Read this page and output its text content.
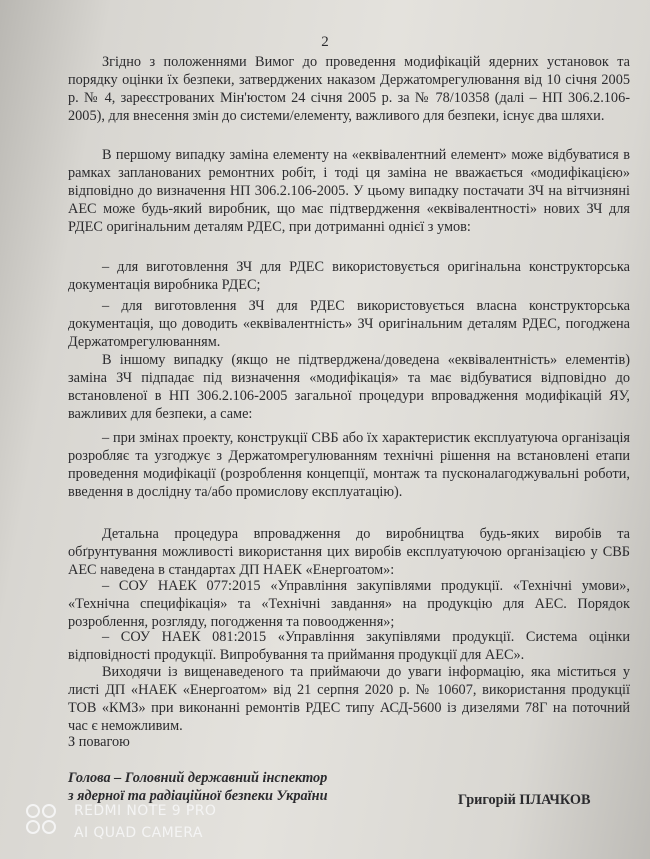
2
Згідно з положеннями Вимог до проведення модифікацій ядерних установок та порядку оцінки їх безпеки, затверджених наказом Держатомрегулювання від 10 січня 2005 р. № 4, зареєстрованих Мін'юстом 24 січня 2005 р. за № 78/10358 (далі – НП 306.2.106-2005), для внесення змін до системи/елементу, важливого для безпеки, існує два шляхи.
В першому випадку заміна елементу на «еквівалентний елемент» може відбуватися в рамках запланованих ремонтних робіт, і тоді ця заміна не вважається «модифікацією» відповідно до визначення НП 306.2.106-2005. У цьому випадку постачати ЗЧ на вітчизняні АЕС може будь-який виробник, що має підтвердження «еквівалентності» нових ЗЧ для РДЕС оригінальним деталям РДЕС, при дотриманні однієї з умов:
– для виготовлення ЗЧ для РДЕС використовується оригінальна конструкторська документація виробника РДЕС;
– для виготовлення ЗЧ для РДЕС використовується власна конструкторська документація, що доводить «еквівалентність» ЗЧ оригінальним деталям РДЕС, погоджена Держатомрегулюванням.
В іншому випадку (якщо не підтверджена/доведена «еквівалентність» елементів) заміна ЗЧ підпадає під визначення «модифікація» та має відбуватися відповідно до встановленої в НП 306.2.106-2005 загальної процедури впровадження модифікацій ЯУ, важливих для безпеки, а саме:
– при змінах проекту, конструкції СВБ або їх характеристик експлуатуюча організація розробляє та узгоджує з Держатомрегулюванням технічні рішення на встановлені етапи проведення модифікації (розроблення концепції, монтаж та пусконалагоджувальні роботи, введення в дослідну та/або промислову експлуатацію).
Детальна процедура впровадження до виробництва будь-яких виробів та обґрунтування можливості використання цих виробів експлуатуючою організацією у СВБ АЕС наведена в стандартах ДП НАЕК «Енергоатом»:
– СОУ НАЕК 077:2015 «Управління закупівлями продукції. «Технічні умови», «Технічна специфікація» та «Технічні завдання» на продукцію для АЕС. Порядок розроблення, розгляду, погодження та повоодження»;
– СОУ НАЕК 081:2015 «Управління закупівлями продукції. Система оцінки відповідності продукції. Випробування та приймання продукції для АЕС».
Виходячи із вищенаведеного та приймаючи до уваги інформацію, яка міститься у листі ДП «НАЕК «Енергоатом» від 21 серпня 2020 р. № 10607, використання продукції ТОВ «КМЗ» при виконанні ремонтів РДЕС типу АСД-5600 із дизелями 78Г на поточний час є неможливим.
З повагою
Голова – Головний державний інспектор
з ядерної та радіаційної безпеки України	Григорій ПЛАЧКОВ
REDMI NOTE 9 PRO
AI QUAD CAMERA
